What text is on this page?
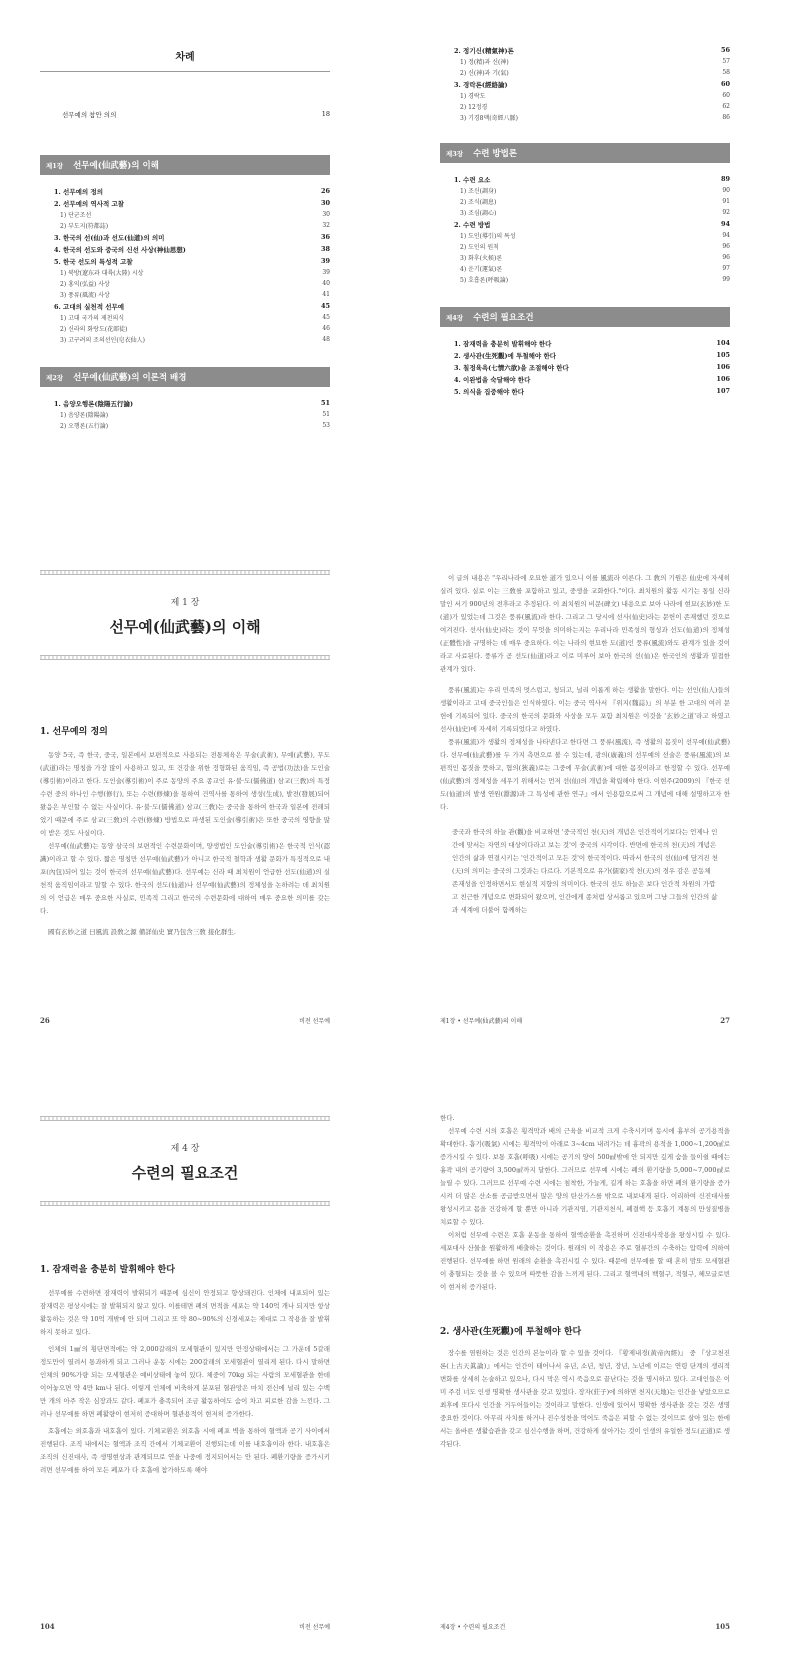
차례
선무예의 참안 의의	18
제1장 선무예(仙武藝)의 이해
1. 선무예의 정의	26
2. 선무예의 역사적 고찰	30
1) 단군조선	30
2) 부도지(符都誌)	32
3. 한국의 선(仙)과 선도(仙道)의 의미	36
4. 한국의 선도와 중국의 신선 사상(神仙思想)	38
5. 한국 선도의 특성적 고찰	39
1) 북방(遼东과 대륙(大陸) 시상	39
2) 홍익(弘益) 사상	40
3) 풍류(風流) 사상	41
6. 고대의 실천적 선무예	45
1) 고대 국가의 제천의식	45
2) 신라의 화랑도(花郞徒)	46
3) 고구려의 조의선인(皂衣仙人)	48
제2장 선무예(仙武藝)의 이론적 배경
1. 음양오행론(陰陽五行論)	51
1) 음양론(陰陽論)	51
2) 오행론(五行論)	53
2. 정기신(精氣神)론	56
1) 정(精)과 신(神)	57
2) 신(神)과 기(氣)	58
3. 경락론(經絡論)	60
1) 경락도	60
2) 12정경	62
3) 기경8맥(奇經八脈)	86
제3장 수련 방법론
1. 수련 요소	89
1) 조신(調身)	90
2) 조식(調息)	91
3) 조심(調心)	92
2. 수련 방법	94
1) 도인(導引)의 특성	94
2) 도인의 원칙	96
3) 화후(火候)론	96
4) 운기(運氣)론	97
5) 호흡론(呼吸論)	99
제4장 수련의 필요조건
1. 잠재력을 충분히 발휘해야 한다	104
2. 생사관(生死觀)에 투철해야 한다	105
3. 칠정육욕(七情六欲)을 조절해야 한다	106
4. 이완법을 숙달해야 한다	106
5. 의식을 집중해야 한다	107
제 1 장
선무예(仙武藝)의 이해
1. 선무예의 정의

동양 5국, 즉 한국, 중국, 일본에서 보편적으로 사용되는 전통체육은 무술(武術), 무예(武藝), 무도(武道)라는 명칭을 가장 많이 사용하고 있고, 또 건강을 위한 정형화된 움직임, 즉 공법(功法)을 도인술(導引術)이라고 한다. 도인술(導引術)이 주로 동양의 주요 종교인 유·불·도(儒佛道) 삼교(三敎)의 특정 수련 중의 하나인 수행(修行), 또는 수련(修煉)을 통하여 건역사를 통하여 생성(生成), 발전(發展)되어 왔음은 부인할 수 없는 사실이다. 유·불·도(儒佛道) 삼교(三敎)는 중국을 통하여 한국과 일본에 전래되었기 때문에 주로 삼교(三敎)의 수련(修煉) 방법으로 파생된 도인술(導引術)은 또한 중국의 영향을 많이 받은 것도 사실이다.

선무예(仙武藝)는 동양 삼국의 보편적인 수련문화이며, 양생법인 도인술(導引術)은 한국적 인식(認識)이라고 할 수 있다. 짧은 명칭만 선무예(仙武藝)가 아니고 한국적 철학과 생활 문화가 특징적으로 내포(內包)되어 있는 것이 한국의 선무예(仙武藝)다. 선무예는 신라 때 최치원이 언급한 선도(仙道)의 실천적 움직임이라고 말할 수 있다. 한국의 선도(仙道)나 선무예(仙武藝)의 정체성을 논하려는 데 최치원의 이 언급은 매우 중요한 사실로, 민족적 그리고 한국의 수련문화에 대하여 매우 중요한 의미를 갖는다.

國有玄妙之道 曰風流 設敎之源 備詳仙史 實乃包含三敎 接化群生.

26	비전 선무예

이 글의 내용은 "우리나라에 오묘한 道가 있으니 이를 風流라 이른다. 그 敎의 기원은 仙史에 자세히 실려 있다. 실로 이는 三敎를 포함하고 있고, 중생을 교화한다."이다. 최치원의 활동 시기는 통일 신라 말인 서기 900년의 전후라고 추정된다. 이 최치원의 비문(碑文) 내용으로 보아 나라에 현묘(玄妙)한 도(道)가 있었는데 그것은 풍류(風流)라 한다. 그리고 그 당시에 선사(仙史)라는 문헌이 존재했던 것으로 여겨진다. 선사(仙史)라는 것이 무엇을 의미하는지는 우리나라 민족성의 형성과 선도(仙道)의 정체성(正體性)을 규명하는 데 매우 중요하다. 이는 나라의 현묘한 도(道)인 풍류(風流)와도 관계가 있을 것이라고 사료된다. 풍류가 곧 선도(仙道)라고 이로 미루어 보아 한국의 선(仙)은 한국인의 생활과 밀접한 관계가 있다.

풍류(風流)는 우리 민족의 멋스럽고, 청되고, 널리 이롭게 하는 생활을 말한다. 이는 선인(仙人)들의 생활이라고 고대 중국인들은 인식하였다. 이는 중국 역사서 『위지(魏誌)』의 부분 한 고대의 여러 문헌에 기록되어 있다. 중국의 한국의 문화와 사상을 모두 포함 최치원은 이것을 '玄妙之道'라고 하였고 선사(仙史)에 자세히 기록되었다고 하였다.

풍류(風流)가 생활의 정체성을 나타낸다고 한다면 그 풍류(風流), 즉 생활의 몸짓이 선무예(仙武藝)다. 선무예(仙武藝)를 두 가지 측면으로 볼 수 있는데, 광의(廣義)의 선무예의 선술은 풍류(風流)의 보편적인 몸짓을 뜻하고, 협의(狹義)로는 그중에 무술(武術)에 대한 몸짓이라고 한정할 수 있다. 선무예(仙武藝)의 정체성을 세우기 위해서는 먼저 선(仙)의 개념을 확립해야 한다. 이현주(2009)의 『한국 선도(仙道)의 발생 연원(淵源)과 그 특성에 관한 연구』에서 인용함으로써 그 개념에 대해 설명하고자 한다.

중국과 한국의 하늘 관(觀)을 비교하면 '중국적인 천(天)의 개념은 인간적이기보다는 언제나 인간에 맞서는 자연의 대상이다라고 보는 것'이 중국의 시각이다. 반면에 한국의 천(天)의 개념은 인간의 삶과 연결시키는 '인간적이고 모든 것'이 한국적이다. 따라서 한국의 선(仙)에 담겨진 천(天)의 의미는 중국의 그것과는 다르다. 기본적으로 유가(儒家)적 천(天)의 경우 감은 공동체 존재성을 인정하면서도 현실적 지향의 의미이다. 한국의 선도 하늘은 보다 인간적 차원의 가깝고 친근한 개념으로 변화되어 왔으며, 인간에게 종처럼 상서롭고 있으며 그냥 그들의 인간의 삶과 세계에 더불어 함께하는

제1장 • 선무예(仙武藝)의 이해	27
제 4 장
수련의 필요조건
1. 잠재력을 충분히 발휘해야 한다

선무예를 수련하면 잠재력이 발휘되기 때문에 심신이 안정되고 향상돼진다. 인체에 내포되어 있는 잠재력은 평상시에는 잘 발휘되지 않고 있다. 이를테면 폐의 면적을 세포는 약 140억 개나 되지만 항상 활동하는 것은 약 10억 개밖에 안 되며 그리고 또 약 80~90%의 신경세포는 제대로 그 작용을 잘 발휘하지 못하고 있다.

인체의 1㎟의 횡단면적에는 약 2,000갈래의 모세혈관이 있지만 안정상태에서는 그 가운데 5갈래 정도만이 열려서 통과하게 되고 그러나 운동 시에는 200갈래의 모세혈관이 열리게 된다. 다시 말하면 인체의 90%가량 되는 모세혈관은 예비상태에 놓여 있다. 체중이 70kg 되는 사람의 모세혈관을 한데 이어놓으면 약 4만 km나 된다. 이렇게 인체에 비축하게 분포된 혈관망은 마치 전신에 널리 있는 수백만 개의 아주 작은 심장과도 같다. 폐포가 충족되어 조금 활동하여도 숨이 차고 피로한 감을 느낀다. 그러나 선무예를 하면 폐활량이 현저히 증대하며 혈관용적이 현저히 증가한다.

호흡에는 외호흡과 내호흡이 있다. 기체교환은 외호흡 시에 폐포 벽을 통하여 혈액과 공기 사이에서 진행된다. 조직 내에서는 혈액과 조직 간에서 기체교환이 진행되는데 이를 내호흡이라 한다. 내호흡은 조직의 신진대사, 즉 생명현상과 관계되므로 연을 나중에 정지되어서는 안 된다. 폐환기량을 증가시키려면 선무예를 하여 모든 폐포가 다 호흡에 참가하도록 해야

104	비전 선무예

한다.

선무예 수련 시의 호흡은 횡격막과 배의 근육을 비교적 크게 수축시키며 동시에 흉부의 공기용적을 확대한다. 흡기(吸氣) 시에는 횡격막이 아래로 3~4cm 내려가는 데 흉곽의 용적을 1,000~1,200㎖로 증가시킬 수 있다. 보통 호흡(呼吸) 시에는 공기의 양이 500㎖밖에 안 되지만 깊게 숨을 들이쉴 때에는 흉곽 내의 공기량이 3,500㎖까지 달한다. 그러므로 선무예 시에는 폐의 환기량을 5,000~7,000㎖로 늘릴 수 있다. 그러므로 선무예 수련 시에는 침착한, 가늘게, 길게 하는 호흡을 하면 폐의 환기량을 증가시켜 더 많은 산소를 공급받으면서 많은 양의 탄산가스를 밖으로 내보내게 된다. 이리하여 신진대사를 왕성시키고 몸을 건강하게 할 뿐만 아니라 기관지염, 기관지천식, 폐결핵 등 호흡기 계통의 만성질병을 치료할 수 있다.

이처럼 선무예 수련은 호흡 운동을 통하여 혈액순환을 촉진하며 신진대사작용을 왕성시킬 수 있다. 세포대사 산물을 원활하게 배출하는 것이다. 원래의 이 작용은 주로 혈류간의 수축하는 압력에 의하여 진행된다. 선무예를 하면 원래의 순환을 촉진시킬 수 있다. 때문에 선무예를 할 때 혼히 맘또 모세혈관이 충혈되는 것을 볼 수 있으며 따뜻한 감을 느끼게 된다. 그리고 혈액내의 백혈구, 적혈구, 헤모글로빈이 현저히 증가된다.

2. 생사관(生死觀)에 투철해야 한다

장수를 염원하는 것은 인간의 본능이라 할 수 있을 것이다. 『황제내경(黃帝內經)』 중 『상고천진론(上古天眞論)』에서는 인간이 태어나서 유년, 소년, 청년, 장년, 노년에 이르는 연령 단계의 생리적 변화를 상세히 논술하고 있으나, 다시 막은 역시 죽음으로 끝난다는 것을 명시하고 있다. 고대인들은 이미 주검 너도 인생 명확한 생사관을 갖고 있었다. 장자(莊子)에 의하면 천지(天地)는 인간을 낳았으므로 최후에 또다시 인간을 거두어들이는 것이라고 말한다. 인생에 있어서 명확한 생사관을 갖는 것은 생명 중요한 것이다. 아무리 사치를 하거나 진수성찬을 먹어도 죽음은 피할 수 없는 것이므로 살아 있는 한에서는 올바른 생활습관을 갖고 심신수행을 하며, 건강하게 살아가는 것이 인생의 유일한 정도(正道)로 생각된다.

제4장 • 수련의 필요조건	105
